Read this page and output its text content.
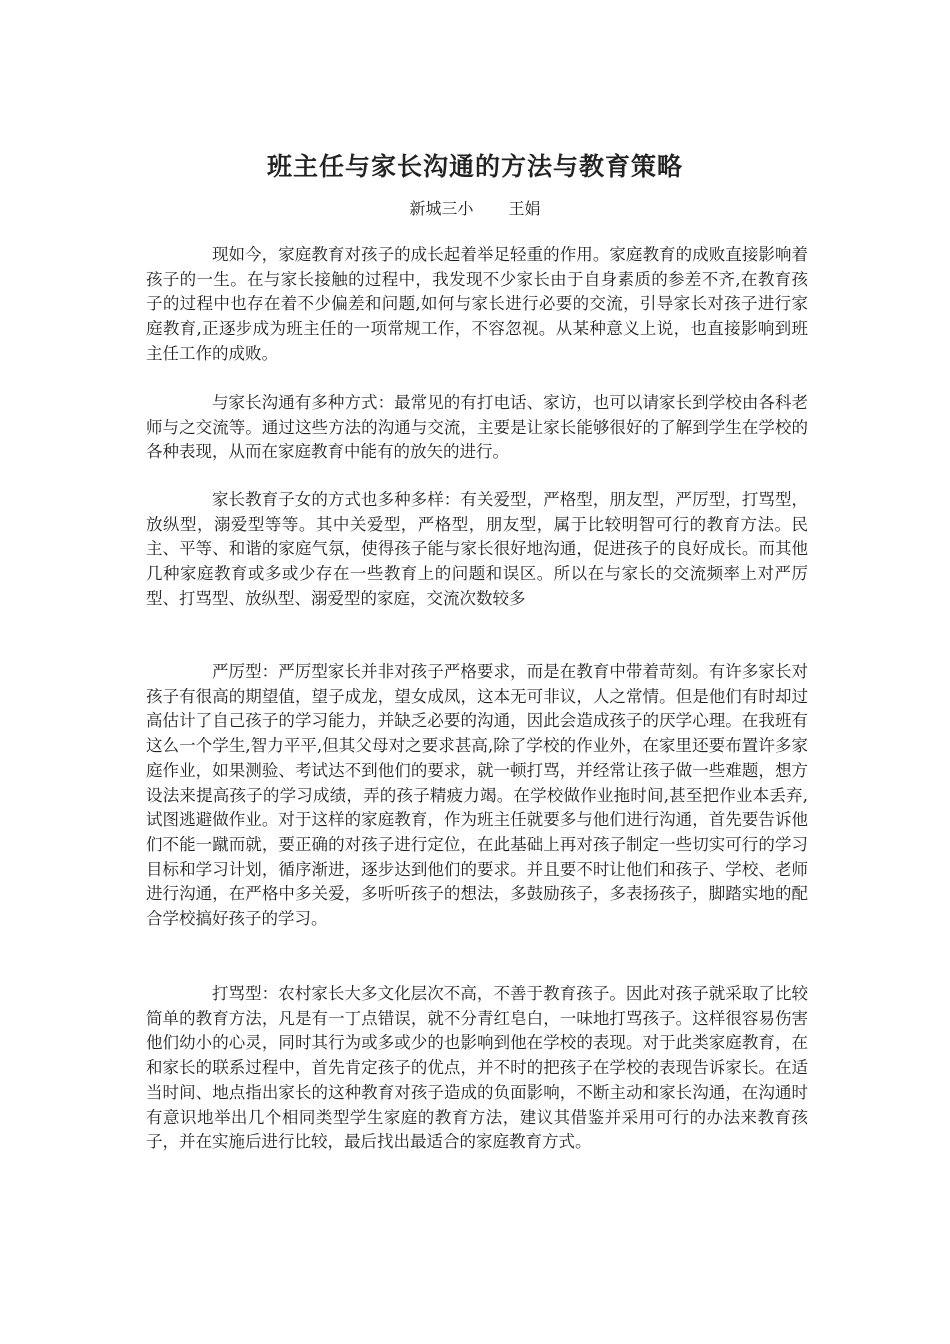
班主任与家长沟通的方法与教育策略
新城三小 王娟

现如今，家庭教育对孩子的成长起着举足轻重的作用。家庭教育的成败直接影响着孩子的一生。在与家长接触的过程中，我发现不少家长由于自身素质的参差不齐,在教育孩子的过程中也存在着不少偏差和问题,如何与家长进行必要的交流，引导家长对孩子进行家庭教育,正逐步成为班主任的一项常规工作，不容忽视。从某种意义上说，也直接影响到班主任工作的成败。

与家长沟通有多种方式：最常见的有打电话、家访，也可以请家长到学校由各科老师与之交流等。通过这些方法的沟通与交流，主要是让家长能够很好的了解到学生在学校的各种表现，从而在家庭教育中能有的放矢的进行。

家长教育子女的方式也多种多样：有关爱型，严格型，朋友型，严厉型，打骂型，放纵型，溺爱型等等。其中关爱型，严格型，朋友型，属于比较明智可行的教育方法。民主、平等、和谐的家庭气氛，使得孩子能与家长很好地沟通，促进孩子的良好成长。而其他几种家庭教育或多或少存在一些教育上的问题和误区。所以在与家长的交流频率上对严厉型、打骂型、放纵型、溺爱型的家庭，交流次数较多

严厉型：严厉型家长并非对孩子严格要求，而是在教育中带着苛刻。有许多家长对孩子有很高的期望值，望子成龙，望女成凤，这本无可非议，人之常情。但是他们有时却过高估计了自己孩子的学习能力，并缺乏必要的沟通，因此会造成孩子的厌学心理。在我班有这么一个学生,智力平平,但其父母对之要求甚高,除了学校的作业外，在家里还要布置许多家庭作业，如果测验、考试达不到他们的要求，就一顿打骂，并经常让孩子做一些难题，想方设法来提高孩子的学习成绩，弄的孩子精疲力竭。在学校做作业拖时间,甚至把作业本丢弃,试图逃避做作业。对于这样的家庭教育，作为班主任就要多与他们进行沟通，首先要告诉他们不能一蹴而就，要正确的对孩子进行定位，在此基础上再对孩子制定一些切实可行的学习目标和学习计划，循序渐进，逐步达到他们的要求。并且要不时让他们和孩子、学校、老师进行沟通，在严格中多关爱，多听听孩子的想法，多鼓励孩子，多表扬孩子，脚踏实地的配合学校搞好孩子的学习。

打骂型：农村家长大多文化层次不高，不善于教育孩子。因此对孩子就采取了比较简单的教育方法，凡是有一丁点错误，就不分青红皂白，一味地打骂孩子。这样很容易伤害他们幼小的心灵，同时其行为或多或少的也影响到他在学校的表现。对于此类家庭教育，在和家长的联系过程中，首先肯定孩子的优点，并不时的把孩子在学校的表现告诉家长。在适当时间、地点指出家长的这种教育对孩子造成的负面影响，不断主动和家长沟通，在沟通时有意识地举出几个相同类型学生家庭的教育方法，建议其借鉴并采用可行的办法来教育孩子，并在实施后进行比较，最后找出最适合的家庭教育方式。
